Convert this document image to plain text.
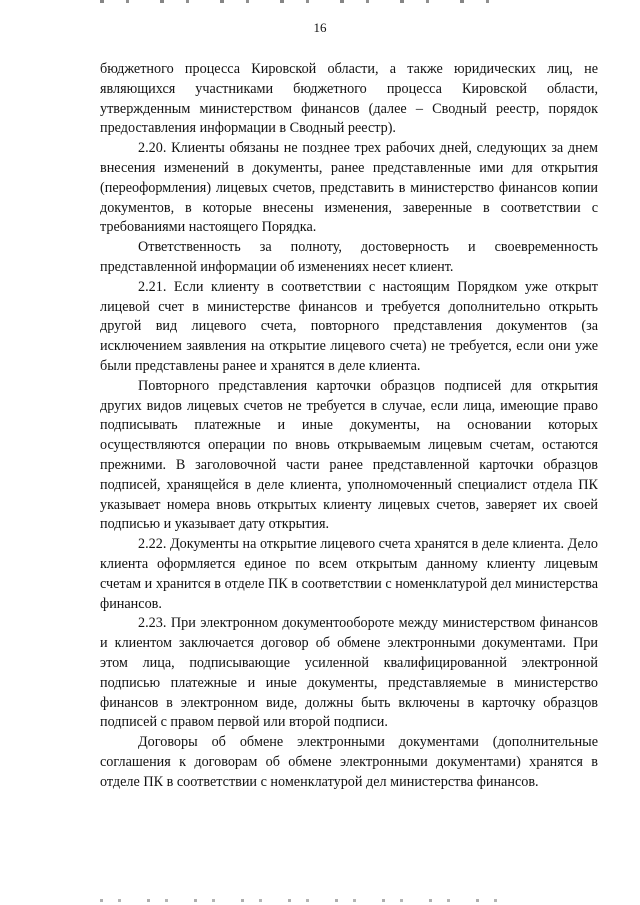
16

бюджетного процесса Кировской области, а также юридических лиц, не являющихся участниками бюджетного процесса Кировской области, утвержденным министерством финансов (далее – Сводный реестр, порядок предоставления информации в Сводный реестр).

2.20. Клиенты обязаны не позднее трех рабочих дней, следующих за днем внесения изменений в документы, ранее представленные ими для открытия (переоформления) лицевых счетов, представить в министерство финансов копии документов, в которые внесены изменения, заверенные в соответствии с требованиями настоящего Порядка.

Ответственность за полноту, достоверность и своевременность представленной информации об изменениях несет клиент.

2.21. Если клиенту в соответствии с настоящим Порядком уже открыт лицевой счет в министерстве финансов и требуется дополнительно открыть другой вид лицевого счета, повторного представления документов (за исключением заявления на открытие лицевого счета) не требуется, если они уже были представлены ранее и хранятся в деле клиента.

Повторного представления карточки образцов подписей для открытия других видов лицевых счетов не требуется в случае, если лица, имеющие право подписывать платежные и иные документы, на основании которых осуществляются операции по вновь открываемым лицевым счетам, остаются прежними. В заголовочной части ранее представленной карточки образцов подписей, хранящейся в деле клиента, уполномоченный специалист отдела ПК указывает номера вновь открытых клиенту лицевых счетов, заверяет их своей подписью и указывает дату открытия.

2.22. Документы на открытие лицевого счета хранятся в деле клиента. Дело клиента оформляется единое по всем открытым данному клиенту лицевым счетам и хранится в отделе ПК в соответствии с номенклатурой дел министерства финансов.

2.23. При электронном документообороте между министерством финансов и клиентом заключается договор об обмене электронными документами. При этом лица, подписывающие усиленной квалифицированной электронной подписью платежные и иные документы, представляемые в министерство финансов в электронном виде, должны быть включены в карточку образцов подписей с правом первой или второй подписи.

Договоры об обмене электронными документами (дополнительные соглашения к договорам об обмене электронными документами) хранятся в отделе ПК в соответствии с номенклатурой дел министерства финансов.
